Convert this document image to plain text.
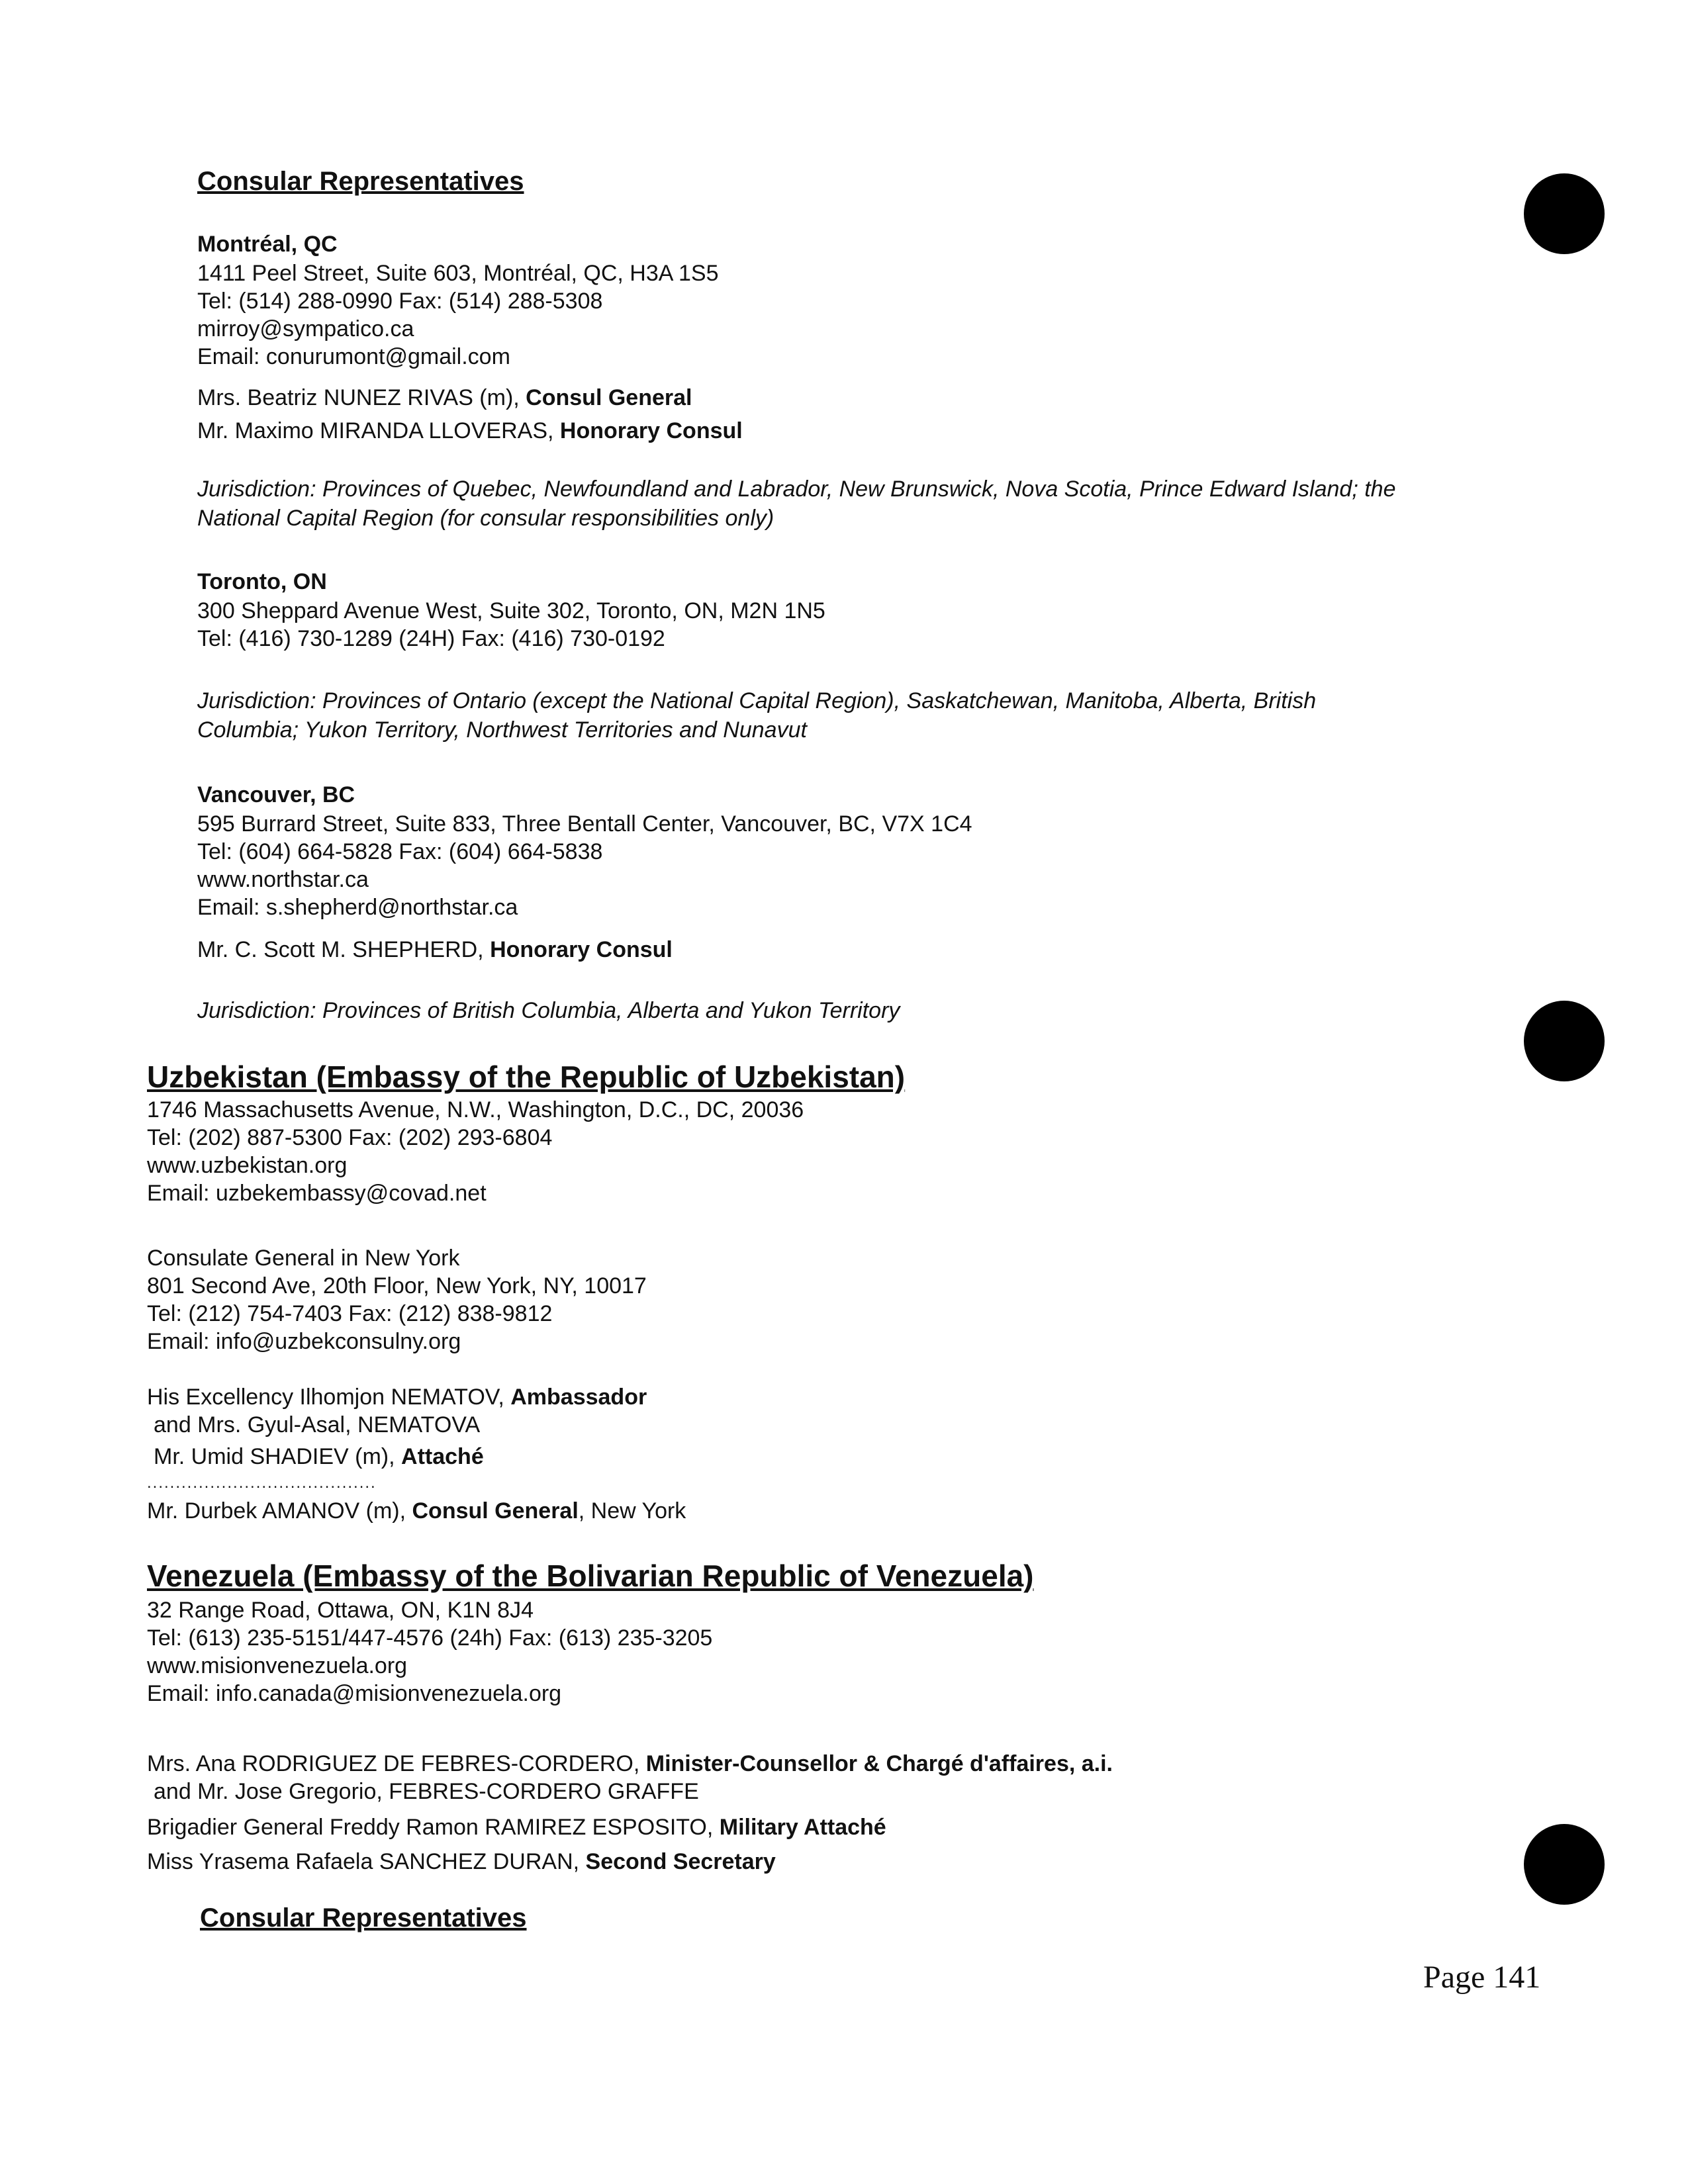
Consular Representatives
Montréal, QC
1411 Peel Street, Suite 603, Montréal, QC, H3A 1S5
Tel: (514) 288-0990 Fax: (514) 288-5308
mirroy@sympatico.ca
Email: conurumont@gmail.com
Mrs. Beatriz NUNEZ RIVAS (m), Consul General
Mr. Maximo MIRANDA LLOVERAS, Honorary Consul
Jurisdiction: Provinces of Quebec, Newfoundland and Labrador, New Brunswick, Nova Scotia, Prince Edward Island; the
National Capital Region (for consular responsibilities only)
Toronto, ON
300 Sheppard Avenue West, Suite 302, Toronto, ON, M2N 1N5
Tel: (416) 730-1289 (24H) Fax: (416) 730-0192
Jurisdiction: Provinces of Ontario (except the National Capital Region), Saskatchewan, Manitoba, Alberta, British
Columbia; Yukon Territory, Northwest Territories and Nunavut
Vancouver, BC
595 Burrard Street, Suite 833, Three Bentall Center, Vancouver, BC, V7X 1C4
Tel: (604) 664-5828 Fax: (604) 664-5838
www.northstar.ca
Email: s.shepherd@northstar.ca
Mr. C. Scott M. SHEPHERD, Honorary Consul
Jurisdiction: Provinces of British Columbia, Alberta and Yukon Territory
Uzbekistan (Embassy of the Republic of Uzbekistan)
1746 Massachusetts Avenue, N.W., Washington, D.C., DC, 20036
Tel: (202) 887-5300 Fax: (202) 293-6804
www.uzbekistan.org
Email: uzbekembassy@covad.net
Consulate General in New York
801 Second Ave, 20th Floor, New York, NY, 10017
Tel: (212) 754-7403 Fax: (212) 838-9812
Email: info@uzbekconsulny.org
His Excellency Ilhomjon NEMATOV, Ambassador
and Mrs. Gyul-Asal, NEMATOVA
Mr. Umid SHADIEV (m), Attaché
........................................
Mr. Durbek AMANOV (m), Consul General, New York
Venezuela (Embassy of the Bolivarian Republic of Venezuela)
32 Range Road, Ottawa, ON, K1N 8J4
Tel: (613) 235-5151/447-4576 (24h) Fax: (613) 235-3205
www.misionvenezuela.org
Email: info.canada@misionvenezuela.org
Mrs. Ana RODRIGUEZ DE FEBRES-CORDERO, Minister-Counsellor & Chargé d'affaires, a.i.
and Mr. Jose Gregorio, FEBRES-CORDERO GRAFFE
Brigadier General Freddy Ramon RAMIREZ ESPOSITO, Military Attaché
Miss Yrasema Rafaela SANCHEZ DURAN, Second Secretary
Consular Representatives
Page 141
